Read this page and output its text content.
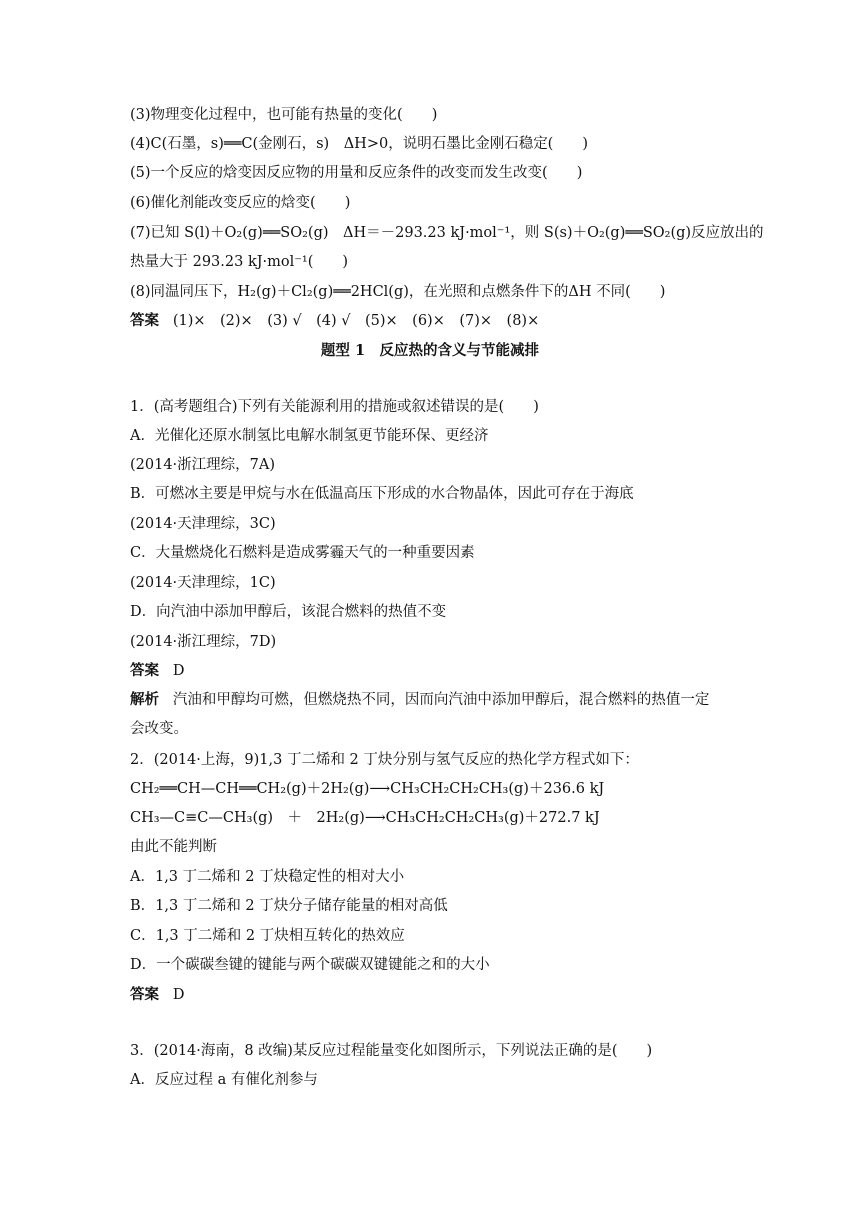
(3)物理变化过程中，也可能有热量的变化(　　)
(4)C(石墨，s)══C(金刚石，s)　ΔH>0，说明石墨比金刚石稳定(　　)
(5)一个反应的焓变因反应物的用量和反应条件的改变而发生改变(　　)
(6)催化剂能改变反应的焓变(　　)
(7)已知 S(l)＋O₂(g)══SO₂(g)　ΔH＝－293.23 kJ·mol⁻¹，则 S(s)＋O₂(g)══SO₂(g)反应放出的
热量大于 293.23 kJ·mol⁻¹(　　)
(8)同温同压下，H₂(g)＋Cl₂(g)══2HCl(g)，在光照和点燃条件下的ΔH 不同(　　)
答案 (1)×　(2)×　(3) √　(4) √　(5)×　(6)×　(7)×　(8)×
题型 1　反应热的含义与节能减排
1．(高考题组合)下列有关能源利用的措施或叙述错误的是(　　)
A．光催化还原水制氢比电解水制氢更节能环保、更经济
(2014·浙江理综，7A)
B．可燃冰主要是甲烷与水在低温高压下形成的水合物晶体，因此可存在于海底
(2014·天津理综，3C)
C．大量燃烧化石燃料是造成雾霾天气的一种重要因素
(2014·天津理综，1C)
D．向汽油中添加甲醇后，该混合燃料的热值不变
(2014·浙江理综，7D)
答案 D
解析 汽油和甲醇均可燃，但燃烧热不同，因而向汽油中添加甲醇后，混合燃料的热值一定
会改变。
2．(2014·上海，9)1,3 丁二烯和 2 丁炔分别与氢气反应的热化学方程式如下：
CH₂══CH—CH══CH₂(g)＋2H₂(g)⟶CH₃CH₂CH₂CH₃(g)＋236.6 kJ
CH₃—C≡C—CH₃(g)　＋　2H₂(g)⟶CH₃CH₂CH₂CH₃(g)＋272.7 kJ
由此不能判断
A．1,3 丁二烯和 2 丁炔稳定性的相对大小
B．1,3 丁二烯和 2 丁炔分子储存能量的相对高低
C．1,3 丁二烯和 2 丁炔相互转化的热效应
D．一个碳碳叁键的键能与两个碳碳双键键能之和的大小
答案 D
3．(2014·海南，8 改编)某反应过程能量变化如图所示，下列说法正确的是(　　)
A．反应过程 a 有催化剂参与
